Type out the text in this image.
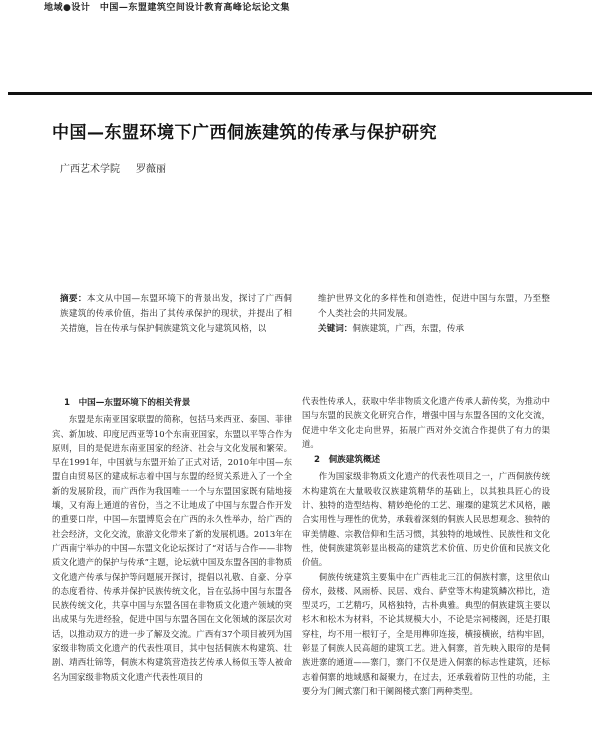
地域●设计　中国—东盟建筑空间设计教育高峰论坛论文集
中国—东盟环境下广西侗族建筑的传承与保护研究
广西艺术学院 罗薇丽

摘要：本文从中国—东盟环境下的背景出发，探讨了广西侗族建筑的传承价值，指出了其传承保护的现状，并提出了相关措施，旨在传承与保护侗族建筑文化与建筑风格，以

维护世界文化的多样性和创造性，促进中国与东盟，乃至整个人类社会的共同发展。

关键词：侗族建筑，广西，东盟，传承

1　中国—东盟环境下的相关背景

东盟是东南亚国家联盟的简称，包括马来西亚、泰国、菲律宾、新加坡、印度尼西亚等10个东南亚国家，东盟以平等合作为原则，目的是促进东南亚国家的经济、社会与文化发展和繁荣。早在1991年，中国就与东盟开始了正式对话，2010年中国—东盟自由贸易区的建成标志着中国与东盟的经贸关系进入了一个全新的发展阶段，而广西作为我国唯一一个与东盟国家既有陆地接壤，又有海上通道的省份，当之不让地成了中国与东盟合作开发的重要口岸，中国—东盟博览会在广西的永久性举办，给广西的社会经济，文化交流，旅游文化带来了新的发展机遇。2013年在广西南宁举办的中国—东盟文化论坛探讨了“对话与合作——非物质文化遗产的保护与传承”主题，论坛就中国及东盟各国的非物质文化遗产传承与保护等问题展开探讨，提倡以礼敬、自豪、分享的态度看待、传承并保护民族传统文化，旨在弘扬中国与东盟各民族传统文化，共享中国与东盟各国在非物质文化遗产领域的突出成果与先进经验，促进中国与东盟各国在文化领域的深层次对话，以推动双方的进一步了解及交流。广西有37个项目被列为国家级非物质文化遗产的代表性项目，其中包括侗族木构建筑、壮剧、靖西壮锦等，侗族木构建筑营造技艺传承人杨似玉等人被命名为国家级非物质文化遗产代表性项目的

代表性传承人，获取中华非物质文化遗产传承人薪传奖，为推动中国与东盟的民族文化研究合作，增强中国与东盟各国的文化交流，促进中华文化走向世界，拓展广西对外交流合作提供了有力的渠道。

2　侗族建筑概述

作为国家级非物质文化遗产的代表性项目之一，广西侗族传统木构建筑在大量吸收汉族建筑精华的基础上，以其独具匠心的设计、独特的造型结构、精妙绝伦的工艺、璀璨的建筑艺术风格，融合实用性与理性的优势，承载着深刻的侗族人民思想观念、独特的审美情趣、宗教信仰和生活习惯，其独特的地域性、民族性和文化性，使侗族建筑彰显出极高的建筑艺术价值、历史价值和民族文化价值。

侗族传统建筑主要集中在广西桂北三江的侗族村寨，这里依山傍水，鼓楼、风雨桥、民居、戏台、萨堂等木构建筑鳞次栉比，造型灵巧，工艺精巧，风格独特，古朴典雅。典型的侗族建筑主要以杉木和松木为材料，不论其规模大小，不论是宗祠楼阁，还是打眼穿柱，均不用一根钉子，全是用榫卯连接，横接横嵌，结构牢固，彰显了侗族人民高超的建筑工艺。进入侗寨，首先映入眼帘的是侗族进寨的通道——寨门，寨门不仅是进入侗寨的标志性建筑，还标志着侗寨的地域感和凝聚力，在过去，还承载着防卫性的功能，主要分为门阙式寨门和干阑阁楼式寨门两种类型。
